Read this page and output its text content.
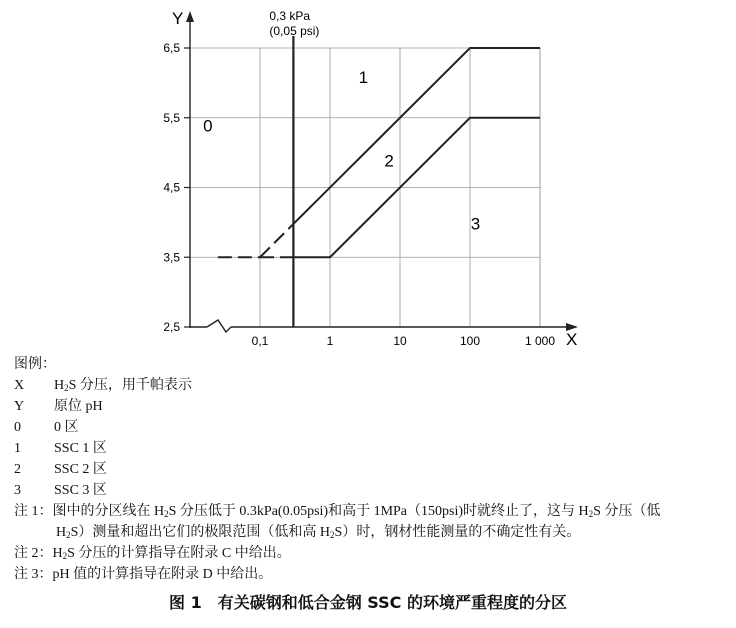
2,5
3,5
4,5
5,5
6,5
0,1	1	10	100	1 000
Y
X
0,3 kPa
(0,05 psi)
0
1
2
3
图例：
X	$H_2S$ 分压，用千帕表示
Y	原位 pH
0	0 区
1	SSC 1 区
2	SSC 2 区
3	SSC 3 区
注 1：图中的分区线在 $H_2S$ 分压低于 0.3kPa(0.05psi)和高于 1MPa（150psi)时就终止了，这与 $H_2S$ 分压（低
$H_2S$）测量和超出它们的极限范围（低和高 $H_2S$）时，钢材性能测量的不确定性有关。
注 2：$H_2S$ 分压的计算指导在附录 C 中给出。
注 3：pH 值的计算指导在附录 D 中给出。
图 1　有关碳钢和低合金钢 SSC 的环境严重程度的分区
